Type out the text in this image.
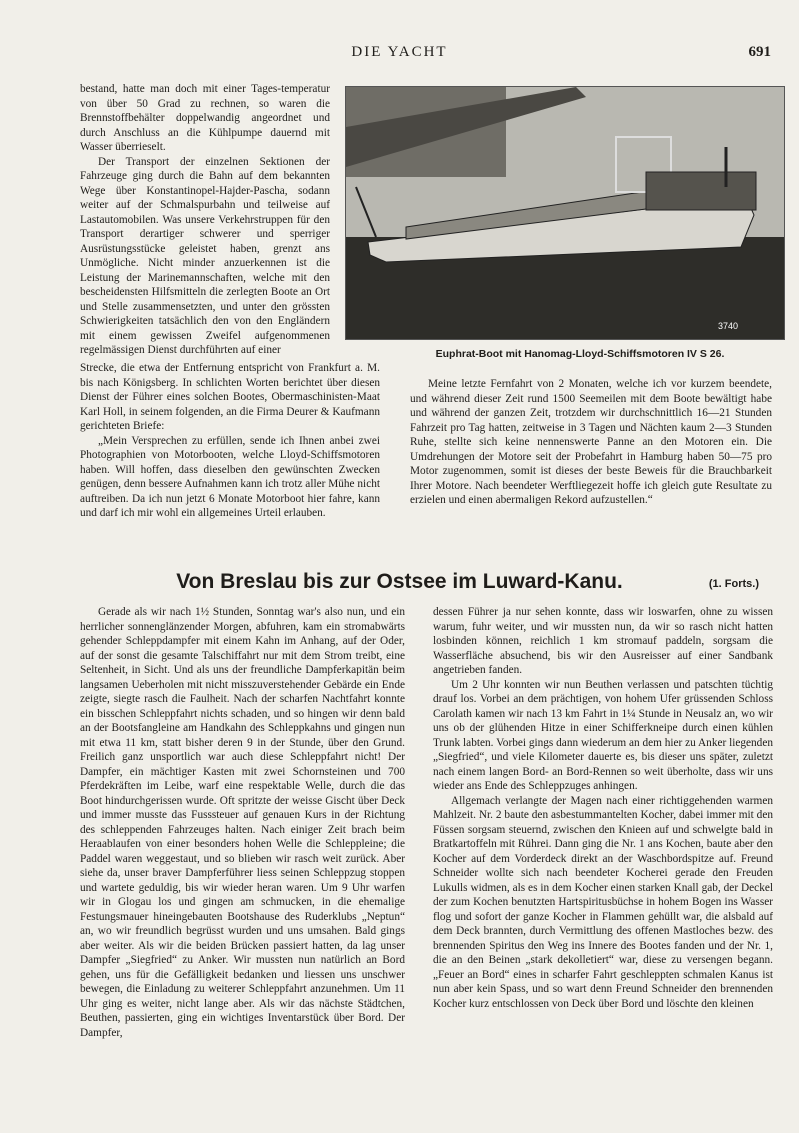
DIE YACHT	691

bestand, hatte man doch mit einer Tages-temperatur von über 50 Grad zu rechnen, so waren die Brennstoffbehälter doppelwandig angeordnet und durch Anschluss an die Kühlpumpe dauernd mit Wasser überrieselt.

Der Transport der einzelnen Sektionen der Fahrzeuge ging durch die Bahn auf dem bekannten Wege über Konstantinopel-Hajder-Pascha, sodann weiter auf der Schmalspurbahn und teilweise auf Lastautomobilen. Was unsere Verkehrstruppen für den Transport derartiger schwerer und sperriger Ausrüstungsstücke geleistet haben, grenzt ans Unmögliche. Nicht minder anzuerkennen ist die Leistung der Marinemannschaften, welche mit den bescheidensten Hilfsmitteln die zerlegten Boote an Ort und Stelle zusammensetzten, und unter den grössten Schwierigkeiten tatsächlich den von den Engländern mit einem gewissen Zweifel aufgenommenen regelmässigen Dienst durchführten auf einer

3740
Euphrat-Boot mit Hanomag-Lloyd-Schiffsmotoren IV S 26.

Strecke, die etwa der Entfernung entspricht von Frankfurt a. M. bis nach Königsberg. In schlichten Worten berichtet über diesen Dienst der Führer eines solchen Bootes, Obermaschinisten-Maat Karl Holl, in seinem folgenden, an die Firma Deurer & Kaufmann gerichteten Briefe:

„Mein Versprechen zu erfüllen, sende ich Ihnen anbei zwei Photographien von Motorbooten, welche Lloyd-Schiffsmotoren haben. Will hoffen, dass dieselben den gewünschten Zwecken genügen, denn bessere Aufnahmen kann ich trotz aller Mühe nicht auftreiben. Da ich nun jetzt 6 Monate Motorboot hier fahre, kann und darf ich mir wohl ein allgemeines Urteil erlauben.

Meine letzte Fernfahrt von 2 Monaten, welche ich vor kurzem beendete, und während dieser Zeit rund 1500 Seemeilen mit dem Boote bewältigt habe und während der ganzen Zeit, trotzdem wir durchschnittlich 16—21 Stunden Fahrzeit pro Tag hatten, zeitweise in 3 Tagen und Nächten kaum 2—3 Stunden Ruhe, stellte sich keine nennenswerte Panne an den Motoren ein. Die Umdrehungen der Motore seit der Probefahrt in Hamburg haben 50—75 pro Motor zugenommen, somit ist dieses der beste Beweis für die Brauchbarkeit Ihrer Motore. Nach beendeter Werftliegezeit hoffe ich gleich gute Resultate zu erzielen und einen abermaligen Rekord aufzustellen.“

Von Breslau bis zur Ostsee im Luward-Kanu.	(1. Forts.)

Gerade als wir nach 1½ Stunden, Sonntag war's also nun, und ein herrlicher sonnenglänzender Morgen, abfuhren, kam ein stromabwärts gehender Schleppdampfer mit einem Kahn im Anhang, auf der Oder, auf der sonst die gesamte Talschiffahrt nur mit dem Strom treibt, eine Seltenheit, in Sicht. Und als uns der freundliche Dampferkapitän beim langsamen Ueberholen mit nicht misszuverstehender Gebärde ein Ende zeigte, siegte rasch die Faulheit. Nach der scharfen Nachtfahrt konnte ein bisschen Schleppfahrt nichts schaden, und so hingen wir denn bald an der Bootsfangleine am Handkahn des Schleppkahns und gingen nun mit etwa 11 km, statt bisher deren 9 in der Stunde, über den Grund. Freilich ganz unsportlich war auch diese Schleppfahrt nicht! Der Dampfer, ein mächtiger Kasten mit zwei Schornsteinen und 700 Pferdekräften im Leibe, warf eine respektable Welle, durch die das Boot hindurchgerissen wurde. Oft spritzte der weisse Gischt über Deck und immer musste das Fusssteuer auf genauen Kurs in der Richtung des schleppenden Fahrzeuges halten. Nach einiger Zeit brach beim Heraablaufen von einer besonders hohen Welle die Schleppleine; die Paddel waren weggestaut, und so blieben wir rasch weit zurück. Aber siehe da, unser braver Dampferführer liess seinen Schleppzug stoppen und wartete geduldig, bis wir wieder heran waren. Um 9 Uhr warfen wir in Glogau los und gingen am schmucken, in die ehemalige Festungsmauer hineingebauten Bootshause des Ruderklubs „Neptun“ an, wo wir freundlich begrüsst wurden und uns umsahen. Bald gings aber weiter. Als wir die beiden Brücken passiert hatten, da lag unser Dampfer „Siegfried“ zu Anker. Wir mussten nun natürlich an Bord gehen, uns für die Gefälligkeit bedanken und liessen uns unschwer bewegen, die Einladung zu weiterer Schleppfahrt anzunehmen. Um 11 Uhr ging es weiter, nicht lange aber. Als wir das nächste Städtchen, Beuthen, passierten, ging ein wichtiges Inventarstück über Bord. Der Dampfer,

dessen Führer ja nur sehen konnte, dass wir loswarfen, ohne zu wissen warum, fuhr weiter, und wir mussten nun, da wir so rasch nicht hatten losbinden können, reichlich 1 km stromauf paddeln, sorgsam die Wasserfläche absuchend, bis wir den Ausreisser auf einer Sandbank angetrieben fanden.

Um 2 Uhr konnten wir nun Beuthen verlassen und patschten tüchtig drauf los. Vorbei an dem prächtigen, von hohem Ufer grüssenden Schloss Carolath kamen wir nach 13 km Fahrt in 1¼ Stunde in Neusalz an, wo wir uns ob der glühenden Hitze in einer Schifferkneipe durch einen kühlen Trunk labten. Vorbei gings dann wiederum an dem hier zu Anker liegenden „Siegfried“, und viele Kilometer dauerte es, bis dieser uns später, zuletzt nach einem langen Bord- an Bord-Rennen so weit überholte, dass wir uns wieder ans Ende des Schleppzuges anhingen.

Allgemach verlangte der Magen nach einer richtiggehenden warmen Mahlzeit. Nr. 2 baute den asbestummantelten Kocher, dabei immer mit den Füssen sorgsam steuernd, zwischen den Knieen auf und schwelgte bald in Bratkartoffeln mit Rührei. Dann ging die Nr. 1 ans Kochen, baute aber den Kocher auf dem Vorderdeck direkt an der Waschbordspitze auf. Freund Schneider wollte sich nach beendeter Kocherei gerade den Freuden Lukulls widmen, als es in dem Kocher einen starken Knall gab, der Deckel der zum Kochen benutzten Hartspiritusbüchse in hohem Bogen ins Wasser flog und sofort der ganze Kocher in Flammen gehüllt war, die alsbald auf dem Deck brannten, durch Vermittlung des offenen Mastloches bezw. des brennenden Spiritus den Weg ins Innere des Bootes fanden und der Nr. 1, die an den Beinen „stark dekolletiert“ war, diese zu versengen begann. „Feuer an Bord“ eines in scharfer Fahrt geschleppten schmalen Kanus ist nun aber kein Spass, und so wart denn Freund Schneider den brennenden Kocher kurz entschlossen von Deck über Bord und löschte den kleinen
